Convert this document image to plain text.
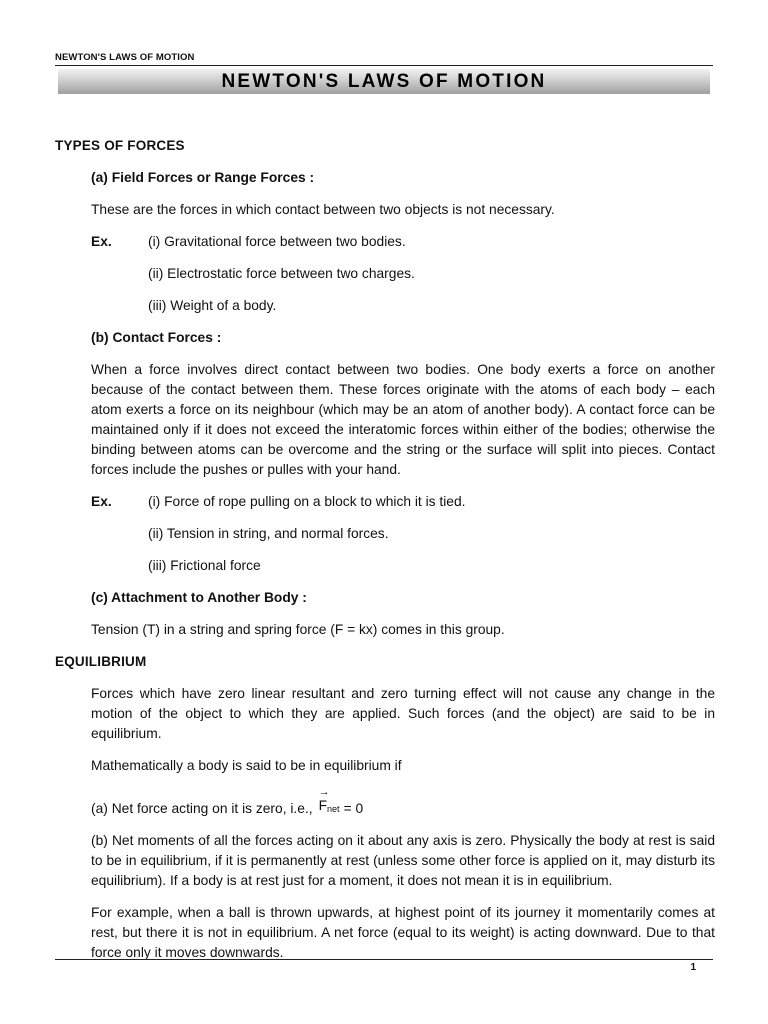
NEWTON'S LAWS OF MOTION
NEWTON'S LAWS OF MOTION
TYPES OF FORCES
(a) Field Forces or Range Forces :
These are the forces in which contact between two objects is not necessary.
Ex.	(i) Gravitational force between two bodies.
(ii) Electrostatic force between two charges.
(iii) Weight of a body.
(b) Contact Forces :
When a force involves direct contact between two bodies. One body exerts a force on another because of the contact between them. These forces originate with the atoms of each body – each atom exerts a force on its neighbour (which may be an atom of another body). A contact force can be maintained only if it does not exceed the interatomic forces within either of the bodies; otherwise the binding between atoms can be overcome and the string or the surface will split into pieces. Contact forces include the pushes or pulles with your hand.
Ex.	(i) Force of rope pulling on a block to which it is tied.
(ii) Tension in string, and normal forces.
(iii) Frictional force
(c) Attachment to Another Body :
Tension (T) in a string and spring force (F = kx) comes in this group.
EQUILIBRIUM
Forces which have zero linear resultant and zero turning effect will not cause any change in the motion of the object to which they are applied. Such forces (and the object) are said to be in equilibrium.
Mathematically a body is said to be in equilibrium if
(a) Net force acting on it is zero, i.e.,
→
$F_{net} = 0$
(b) Net moments of all the forces acting on it about any axis is zero. Physically the body at rest is said to be in equilibrium, if it is permanently at rest (unless some other force is applied on it, may disturb its equilibrium). If a body is at rest just for a moment, it does not mean it is in equilibrium.
For example, when a ball is thrown upwards, at highest point of its journey it momentarily comes at rest, but there it is not in equilibrium. A net force (equal to its weight) is acting downward. Due to that force only it moves downwards.
1
